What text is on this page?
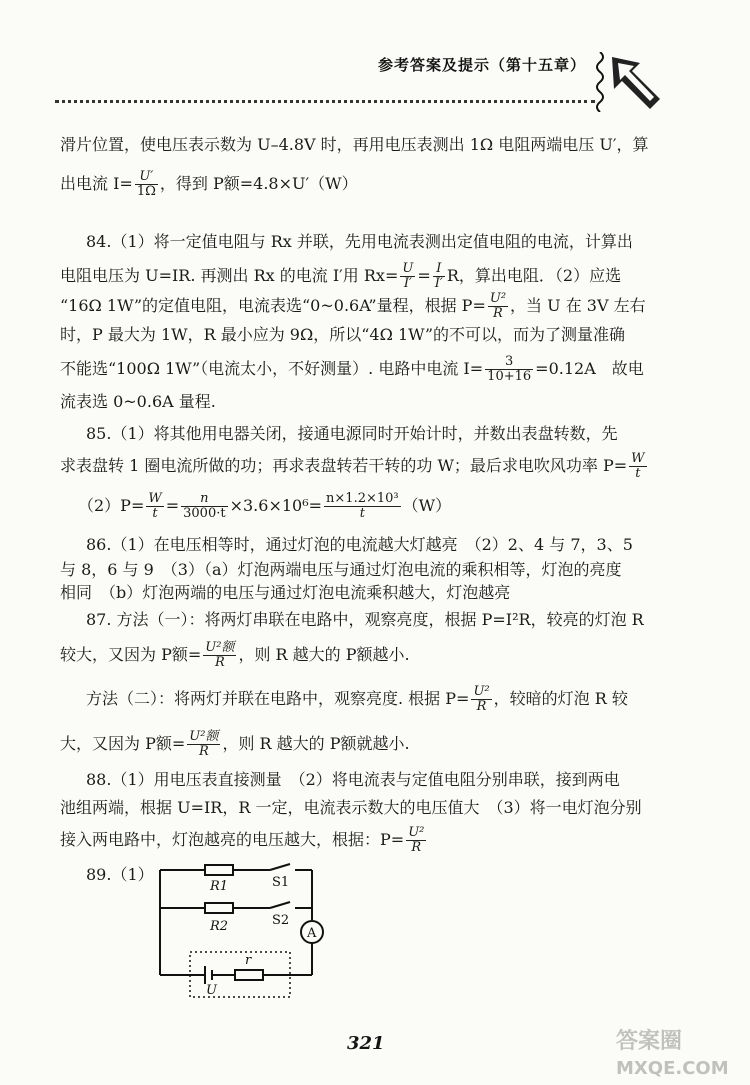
参考答案及提示（第十五章）
滑片位置，使电压表示数为 U–4.8V 时，再用电压表测出 1Ω 电阻两端电压 U′，算
出电流 $I= \frac{U'}{1\Omega}$ ，得到 P额=4.8×U′（W）
84.（1）将一定值电阻与 Rx 并联，先用电流表测出定值电阻的电流，计算出
电阻电压为 U=IR. 再测出 Rx 的电流 I′用 $Rx= \frac{U}{I'} = \frac{I}{I'}$ R，算出电阻．（2）应选
“16Ω 1W”的定值电阻，电流表选“0~0.6A”量程，根据 $P= \frac{\text{U²}}{R}$ ，当 U 在 3V 左右
时，P 最大为 1W，R 最小应为 9Ω，所以“4Ω 1W”的不可以，而为了测量准确
不能选“100Ω 1W”（电流太小，不好测量）. 电路中电流 $I= \frac{3}{10+16} =0.12A$　故电
流表选 0~0.6A 量程.
85.（1）将其他用电器关闭，接通电源同时开始计时，并数出表盘转数，先
求表盘转 1 圈电流所做的功；再求表盘转若干转的功 W；最后求电吹风功率 $P= \frac{W}{t}$
$(2)P= \frac{W}{t} = \frac{n}{3000\cdot t} \times 3.6\times 10^6= \frac{\text{n×1.2×10³}}{t} (W)$
86.（1）在电压相等时，通过灯泡的电流越大灯越亮　（2）2、4 与 7，3、5
与 8，6 与 9　（3）（a）灯泡两端电压与通过灯泡电流的乘积相等，灯泡的亮度
相同　（b）灯泡两端的电压与通过灯泡电流乘积越大，灯泡越亮
87. 方法（一）：将两灯串联在电路中，观察亮度，根据 P=I²R，较亮的灯泡 R
较大，又因为 P额= $\frac{\text{U²额}}{R}$ ，则 R 越大的 P额越小.
方法（二）：将两灯并联在电路中，观察亮度. 根据 $P= \frac{\text{U²}}{R}$ ，较暗的灯泡 R 较
大，又因为 P额= $\frac{\text{U²额}}{R}$ ，则 R 越大的 P额就越小.
88.（1）用电压表直接测量　（2）将电流表与定值电阻分别串联，接到两电
池组两端，根据 U=IR，R 一定，电流表示数大的电压值大　（3）将一电灯泡分别
接入两电路中，灯泡越亮的电压越大，根据：$P= \frac{\text{U²}}{R}$
89.（1）
R1
R2
S1
S2
A
r
U
321	答案圈 MXQE.COM
